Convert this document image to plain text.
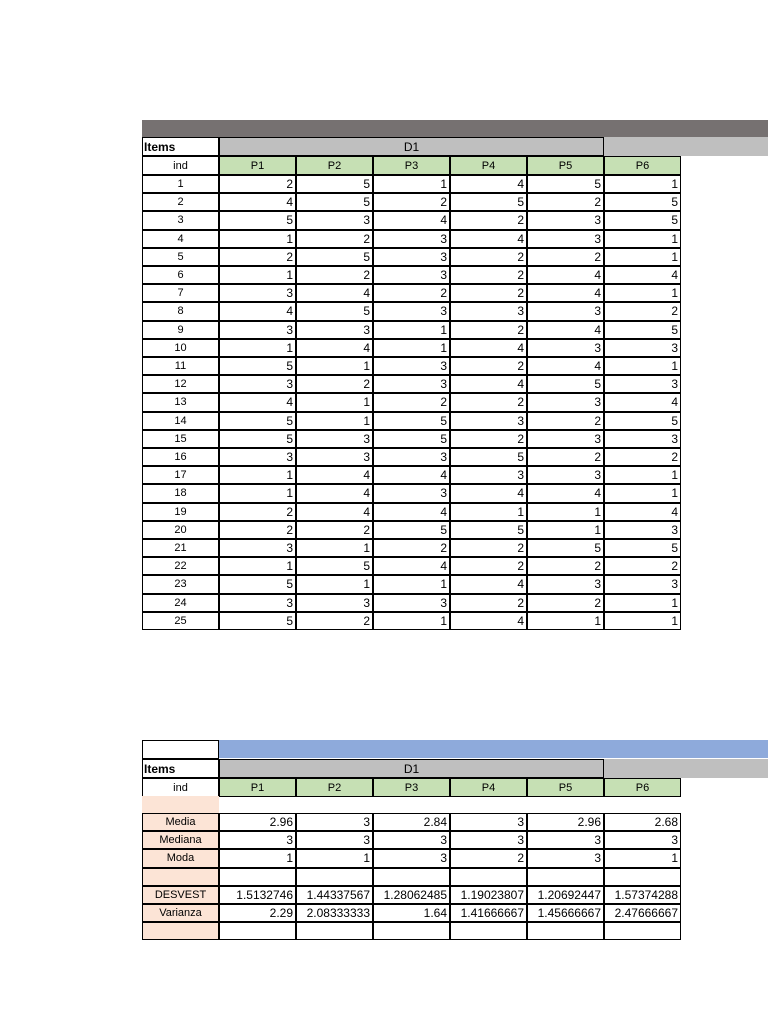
Items	D1
ind	P1	P2	P3	P4	P5	P6
1	2	5	1	4	5	1
2	4	5	2	5	2	5
3	5	3	4	2	3	5
4	1	2	3	4	3	1
5	2	5	3	2	2	1
6	1	2	3	2	4	4
7	3	4	2	2	4	1
8	4	5	3	3	3	2
9	3	3	1	2	4	5
10	1	4	1	4	3	3
11	5	1	3	2	4	1
12	3	2	3	4	5	3
13	4	1	2	2	3	4
14	5	1	5	3	2	5
15	5	3	5	2	3	3
16	3	3	3	5	2	2
17	1	4	4	3	3	1
18	1	4	3	4	4	1
19	2	4	4	1	1	4
20	2	2	5	5	1	3
21	3	1	2	2	5	5
22	1	5	4	2	2	2
23	5	1	1	4	3	3
24	3	3	3	2	2	1
25	5	2	1	4	1	1
Items	D1
ind	P1	P2	P3	P4	P5	P6
Media	2.96	3	2.84	3	2.96	2.68
Mediana	3	3	3	3	3	3
Moda	1	1	3	2	3	1
DESVEST	1.5132746	1.44337567	1.28062485	1.19023807	1.20692447	1.57374288
Varianza	2.29	2.08333333	1.64	1.41666667	1.45666667	2.47666667
